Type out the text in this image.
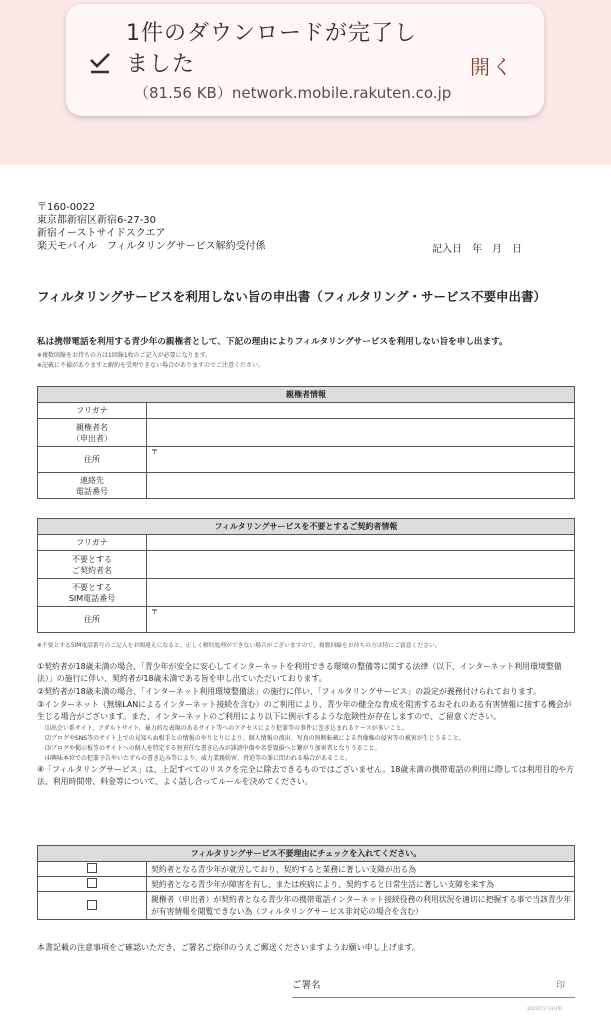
1件のダウンロードが完了しました
（81.56 KB）network.mobile.rakuten.co.jp
開く
〒160-0022
東京都新宿区新宿6-27-30
新宿イーストサイドスクエア
楽天モバイル　フィルタリングサービス解約受付係	記入日　年　月　日
フィルタリングサービスを利用しない旨の申出書（フィルタリング・サービス不要申出書）
私は携帯電話を利用する青少年の親権者として、下記の理由によりフィルタリングサービスを利用しない旨を申し出ます。
※複数回線をお持ちの方は1回線1枚のご記入が必要になります。
※記載に不備がありますと解約を受理できない場合がありますのでご注意ください。
親権者情報	
フリガナ	
親権者名
（申出者）	
住所	〒
連絡先
電話番号	
フィルタリングサービスを不要とするご契約者情報	
フリガナ	
不要とする
ご契約者名	
不要とする
SIM電話番号	
住所	〒
※不要とするSIM電話番号のご記入をお間違えになると、正しく解約処理ができない場合がございますので、複数回線をお持ちの方は特にご留意ください。

①契約者が18歳未満の場合、「青少年が安全に安心してインターネットを利用できる環境の整備等に関する法律（以下、インターネット利用環境整備法）」の施行に伴い、契約者が18歳未満である旨を申し出ていただいております。

②契約者が18歳未満の場合、「インターネット利用環境整備法」の施行に伴い、「フィルタリングサービス」の設定が義務付けられております。

③インターネット（無線LANによるインターネット接続を含む）のご利用により、青少年の健全な育成を阻害するおそれのある有害情報に接する機会が生じる場合がございます。また、インターネットのご利用により以下に例示するような危険性が存在しますので、ご留意ください。

⑴出会い系サイト、アダルトサイト、暴力的な表現のあるサイト等へのアクセスにより犯罪等の事件に巻き込まれるケースが多いこと。
⑵ブログやSNS等のサイト上での見知らぬ相手との情報のやりとりにより、個人情報の流出、写真の無断転載による肖像権の侵害等の被害が生じうること。
⑶ブログや掲示板等のサイトへの個人を特定する無責任な書き込みが誹謗中傷や名誉毀損へと繋がり加害者となりうること。
⑷興味本位での犯罪予告やいたずらの書き込み等により、威力業務妨害、脅迫等の罪に問われる場合があること。

④「フィルタリングサービス」は、上記すべてのリスクを完全に除去できるものではございません。18歳未満の携帯電話の利用に際しては利用目的や方法、利用時間帯、料金等について、よく話し合ってルールを決めてください。

フィルタリングサービス不要理由にチェックを入れてください。	
	契約者となる青少年が就労しており、契約すると業務に著しい支障が出る為
	契約者となる青少年が障害を有し、または疾病により、契約すると日常生活に著しい支障を来す為
	親権者（申出者）が契約者となる青少年の携帯電話インターネット接続役務の利用状況を適切に把握する事で当該青少年が有害情報を閲覧できない為（フィルタリングサービス非対応の場合を含む）
本書記載の注意事項をご確認いただき、ご署名ご捺印のうえご郵送くださいますようお願い申し上げます。
ご署名	印
2023年2月3日版
